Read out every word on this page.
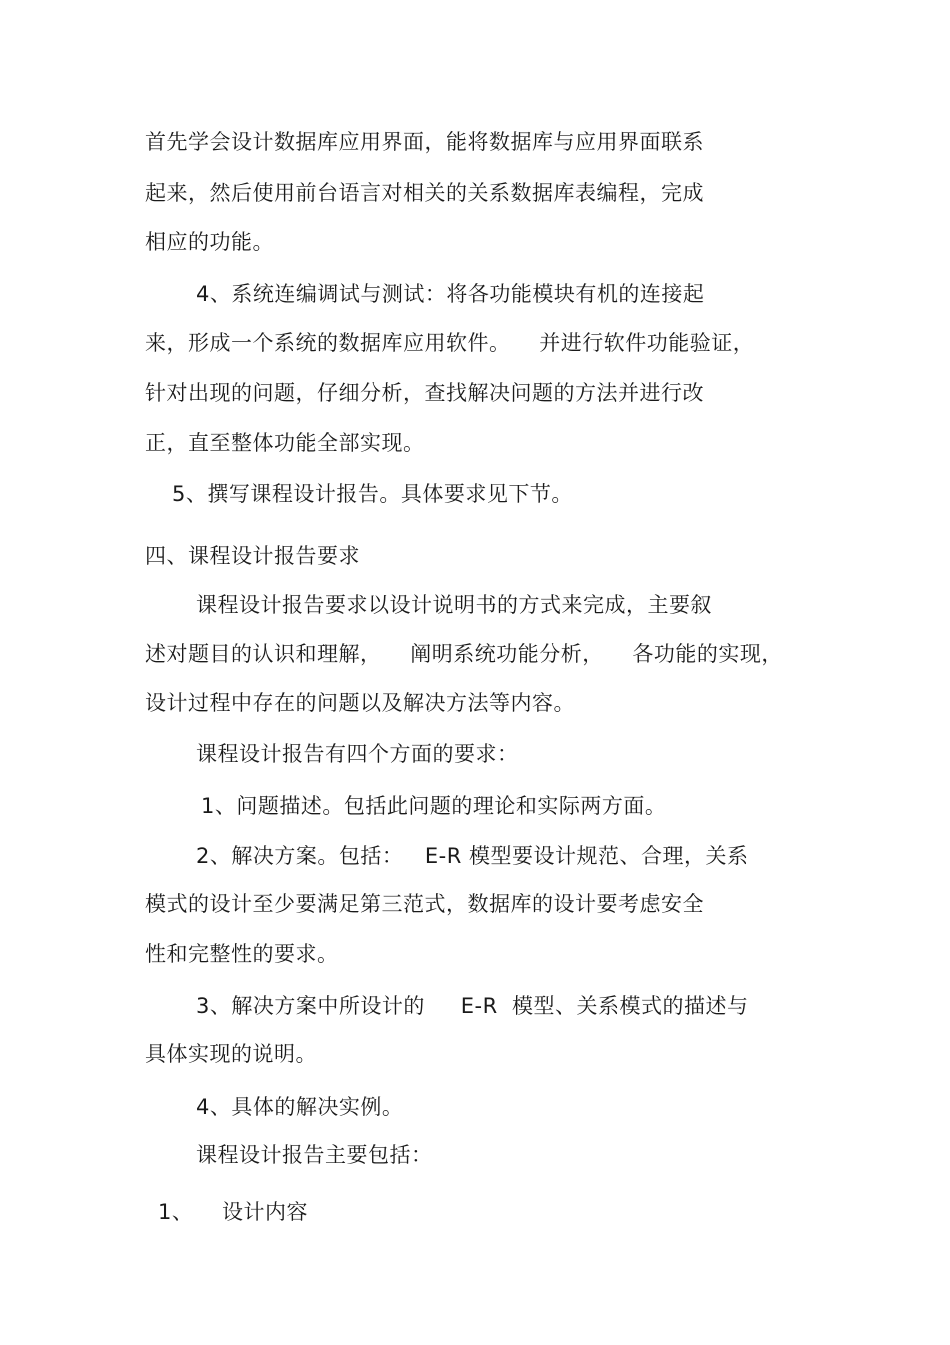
首先学会设计数据库应用界面，能将数据库与应用界面联系
起来，然后使用前台语言对相关的关系数据库表编程，完成
相应的功能。
4、系统连编调试与测试：将各功能模块有机的连接起
来，形成一个系统的数据库应用软件。    并进行软件功能验证，
针对出现的问题，仔细分析，查找解决问题的方法并进行改
正，直至整体功能全部实现。
5、撰写课程设计报告。具体要求见下节。
四、课程设计报告要求
课程设计报告要求以设计说明书的方式来完成，主要叙
述对题目的认识和理解，    阐明系统功能分析，    各功能的实现，
设计过程中存在的问题以及解决方法等内容。
课程设计报告有四个方面的要求：
1、问题描述。包括此问题的理论和实际两方面。
2、解决方案。包括：   E-R 模型要设计规范、合理，关系
模式的设计至少要满足第三范式，数据库的设计要考虑安全
性和完整性的要求。
3、解决方案中所设计的     E-R  模型、关系模式的描述与
具体实现的说明。
4、具体的解决实例。
课程设计报告主要包括：
1、    设计内容
